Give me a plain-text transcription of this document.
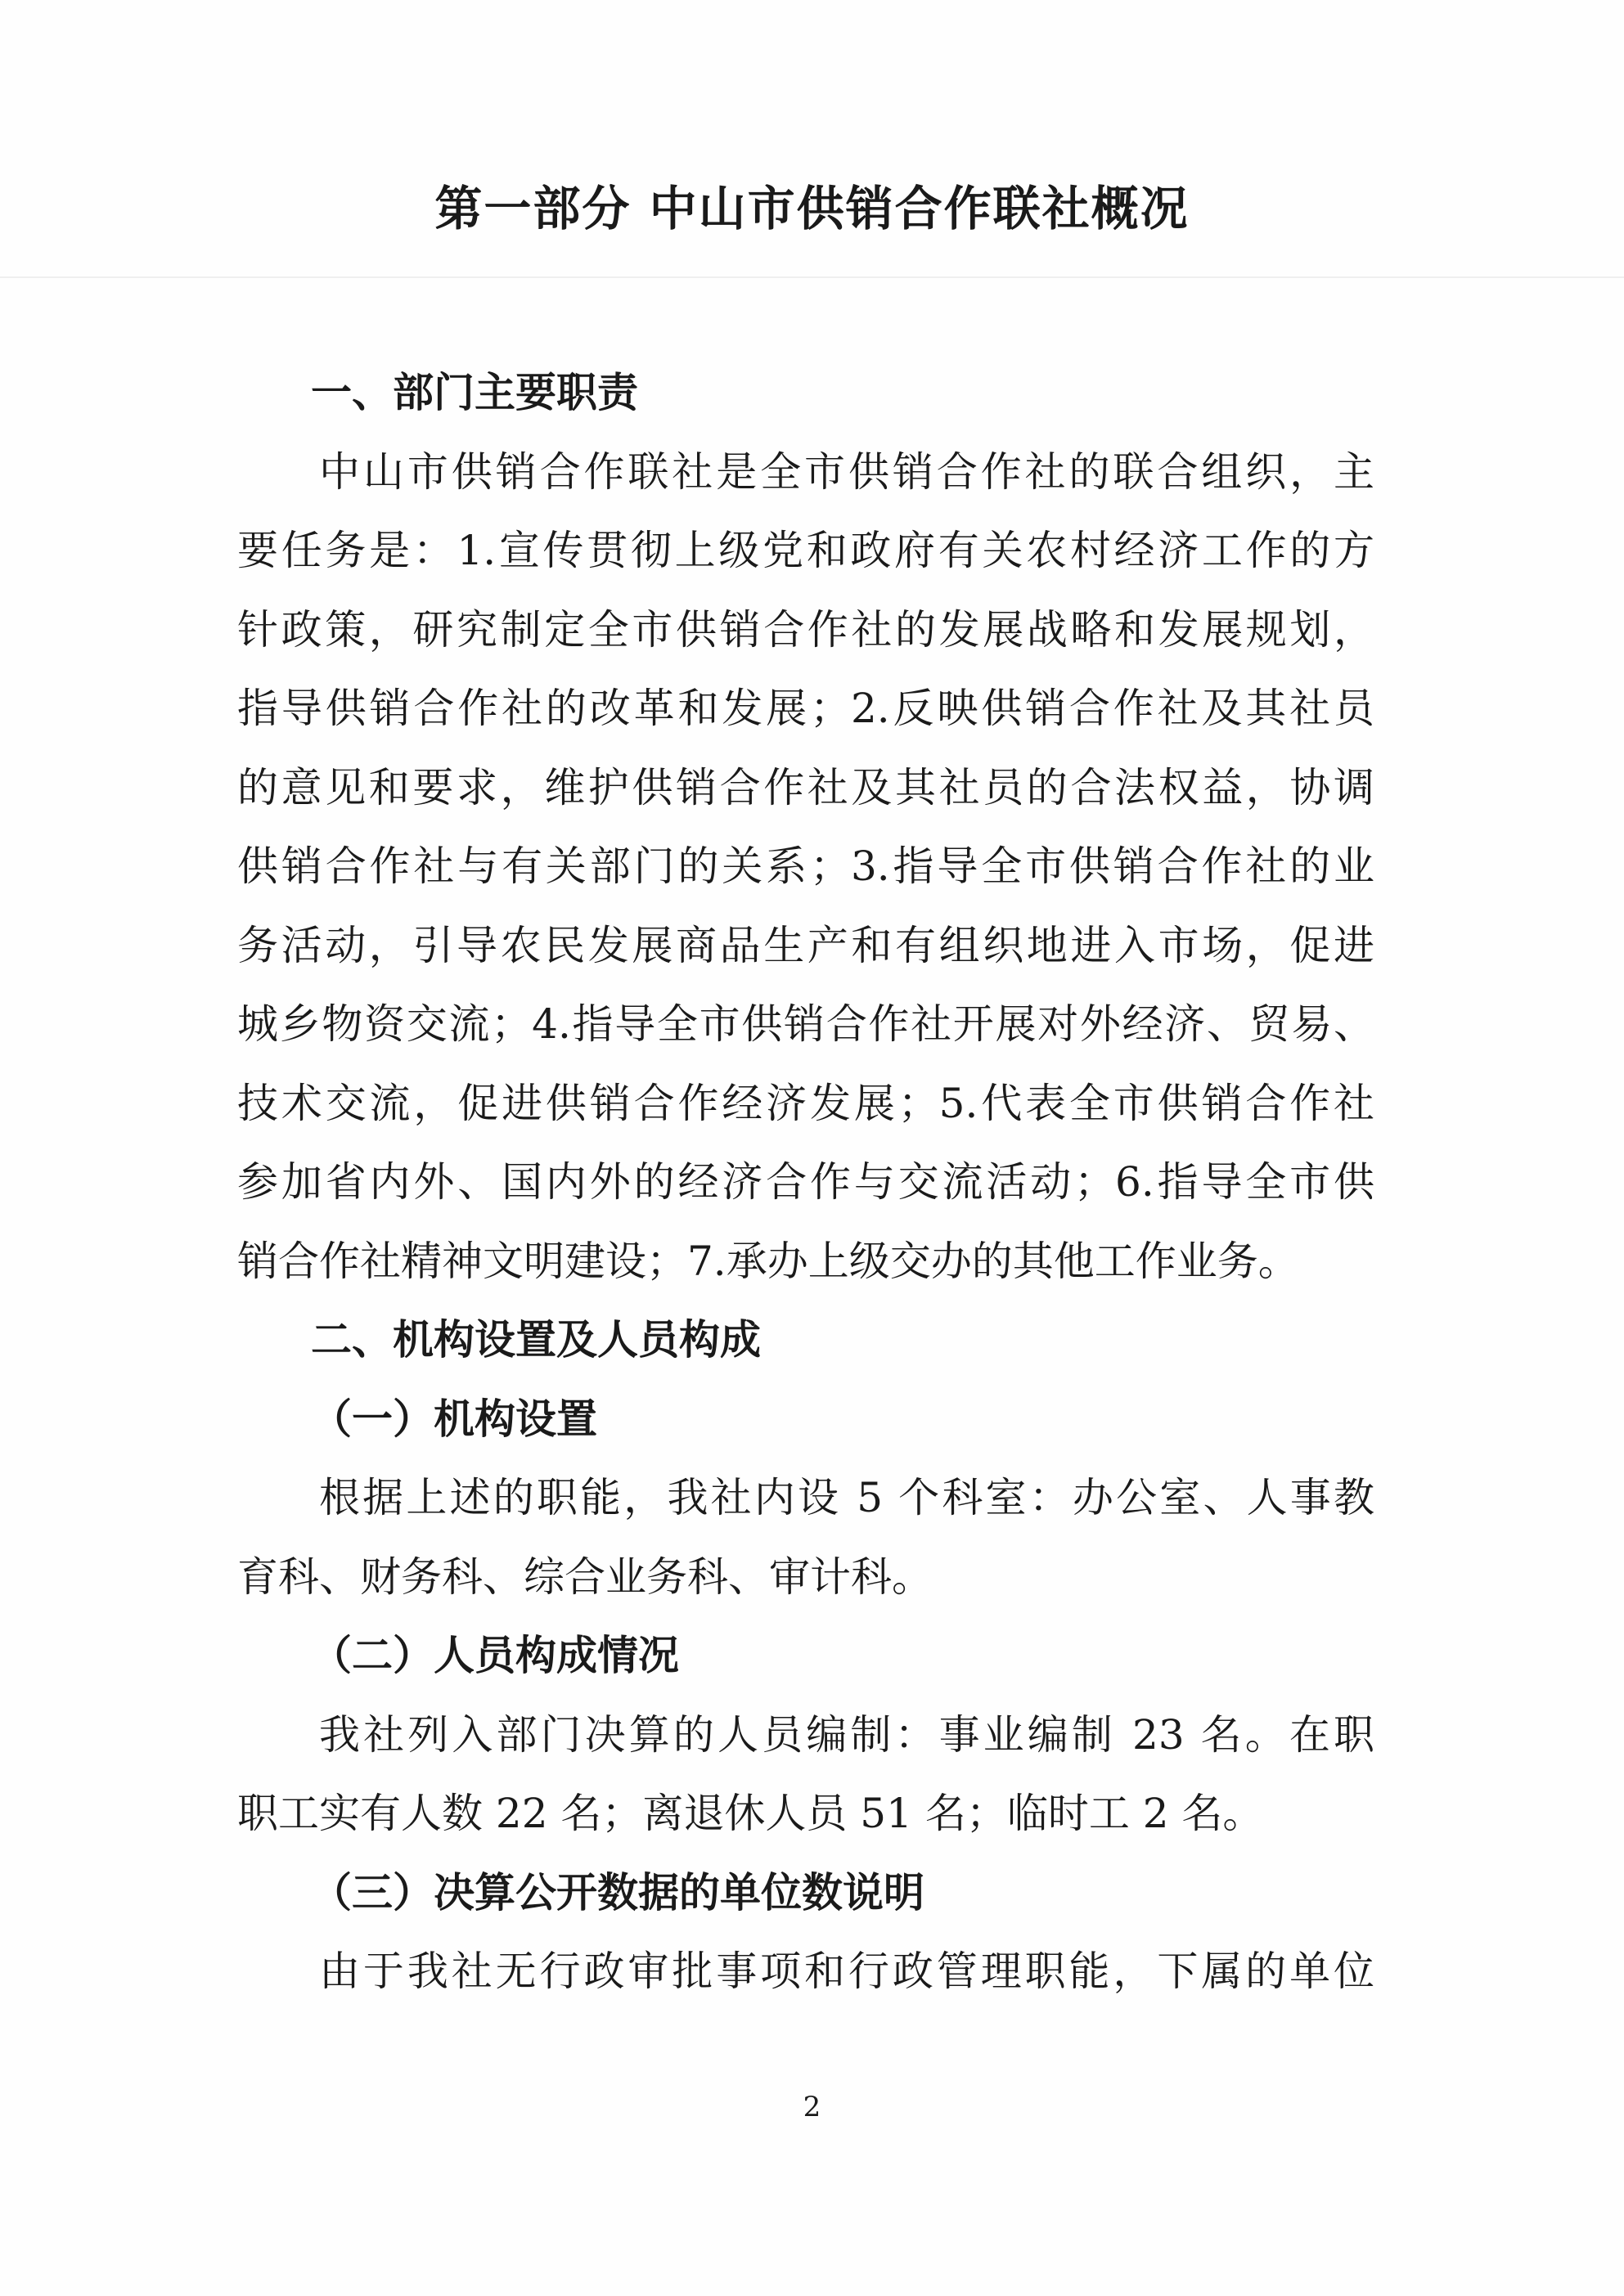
第一部分 中山市供销合作联社概况
一、部门主要职责
中山市供销合作联社是全市供销合作社的联合组织，主
要任务是：1.宣传贯彻上级党和政府有关农村经济工作的方
针政策，研究制定全市供销合作社的发展战略和发展规划，
指导供销合作社的改革和发展；2.反映供销合作社及其社员
的意见和要求，维护供销合作社及其社员的合法权益，协调
供销合作社与有关部门的关系；3.指导全市供销合作社的业
务活动，引导农民发展商品生产和有组织地进入市场，促进
城乡物资交流；4.指导全市供销合作社开展对外经济、贸易、
技术交流，促进供销合作经济发展；5.代表全市供销合作社
参加省内外、国内外的经济合作与交流活动；6.指导全市供
销合作社精神文明建设；7.承办上级交办的其他工作业务。
二、机构设置及人员构成
（一）机构设置
根据上述的职能，我社内设 5 个科室：办公室、人事教
育科、财务科、综合业务科、审计科。
（二）人员构成情况
我社列入部门决算的人员编制：事业编制 23 名。在职
职工实有人数 22 名；离退休人员 51 名；临时工 2 名。
（三）决算公开数据的单位数说明
由于我社无行政审批事项和行政管理职能，下属的单位
2
